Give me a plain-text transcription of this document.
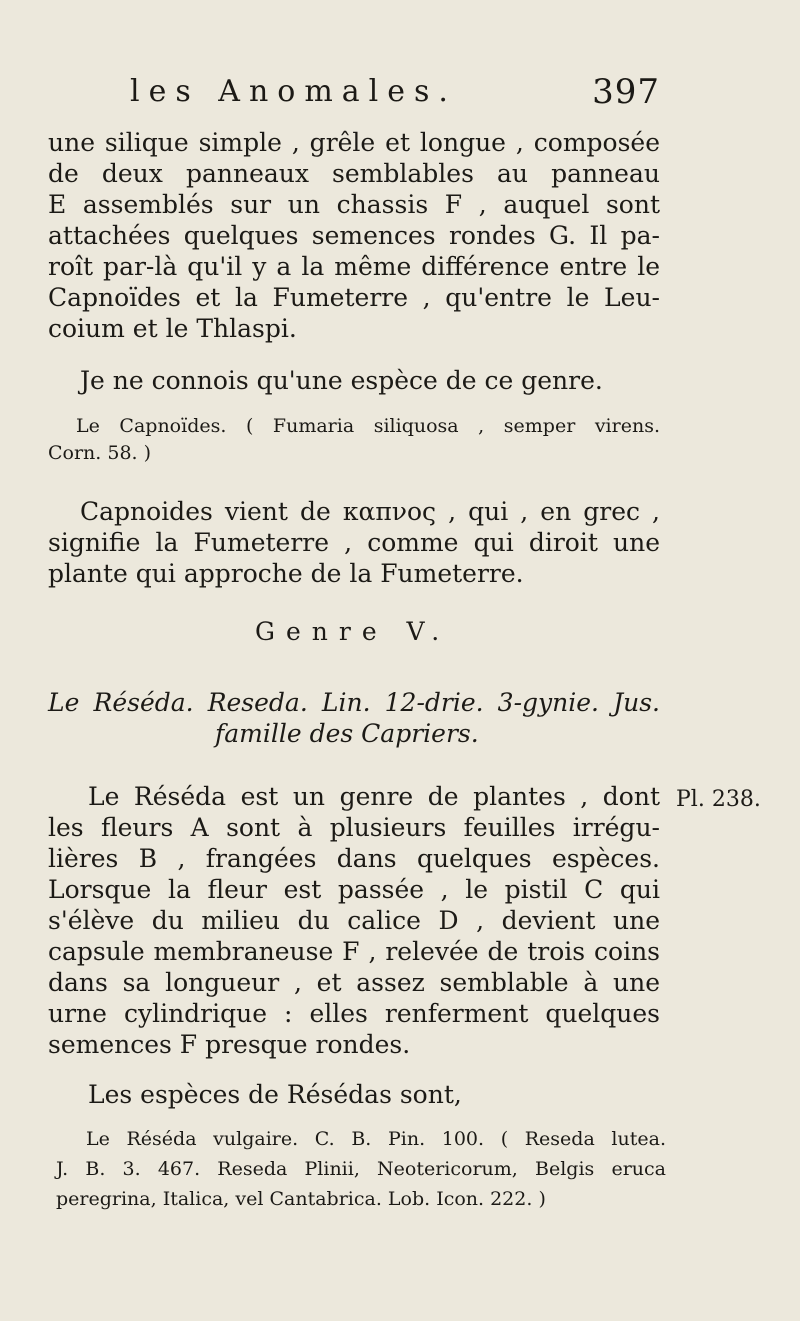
les Anomales.	397
une silique simple , grêle et longue , composée
de deux panneaux semblables au panneau
E assemblés sur un chassis F , auquel sont
attachées quelques semences rondes G. Il pa-
roît par-là qu'il y a la même différence entre le
Capnoïdes et la Fumeterre , qu'entre le Leu-
coium et le Thlaspi.
Je ne connois qu'une espèce de ce genre.
Le Capnoïdes. ( Fumaria siliquosa , semper virens.
Corn. 58. )
Capnoides vient de καπνος , qui , en grec ,
signifie la Fumeterre , comme qui diroit une
plante qui approche de la Fumeterre.
Genre V.
Le Réséda. Reseda. Lin. 12-drie. 3-gynie. Jus.
famille des Capriers.
Pl. 238.
Le Réséda est un genre de plantes , dont
les fleurs A sont à plusieurs feuilles irrégu-
lières B , frangées dans quelques espèces.
Lorsque la fleur est passée , le pistil C qui
s'élève du milieu du calice D , devient une
capsule membraneuse F , relevée de trois coins
dans sa longueur , et assez semblable à une
urne cylindrique : elles renferment quelques
semences F presque rondes.
Les espèces de Résédas sont,
Le Réséda vulgaire. C. B. Pin. 100. ( Reseda lutea.
J. B. 3. 467. Reseda Plinii, Neotericorum, Belgis eruca
peregrina, Italica, vel Cantabrica. Lob. Icon. 222. )
